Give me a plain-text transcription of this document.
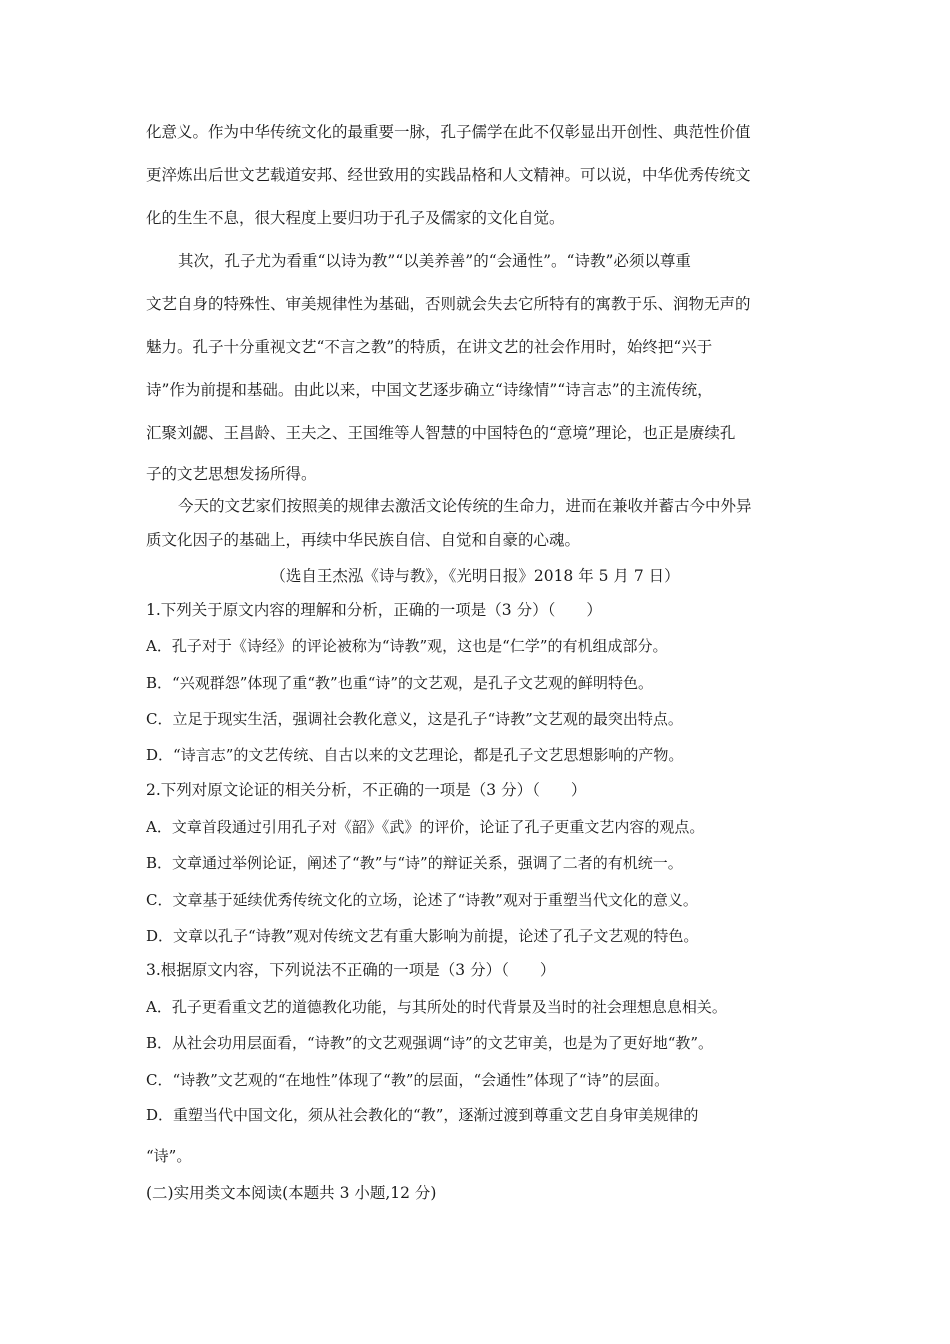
化意义。作为中华传统文化的最重要一脉，孔子儒学在此不仅彰显出开创性、典范性价值
更淬炼出后世文艺载道安邦、经世致用的实践品格和人文精神。可以说，中华优秀传统文
化的生生不息，很大程度上要归功于孔子及儒家的文化自觉。
其次，孔子尤为看重“以诗为教”“以美养善”的“会通性”。“诗教”必须以尊重
文艺自身的特殊性、审美规律性为基础，否则就会失去它所特有的寓教于乐、润物无声的
魅力。孔子十分重视文艺“不言之教”的特质，在讲文艺的社会作用时，始终把“兴于
诗”作为前提和基础。由此以来，中国文艺逐步确立“诗缘情”“诗言志”的主流传统，
汇聚刘勰、王昌龄、王夫之、王国维等人智慧的中国特色的“意境”理论，也正是赓续孔
子的文艺思想发扬所得。
今天的文艺家们按照美的规律去激活文论传统的生命力，进而在兼收并蓄古今中外异
质文化因子的基础上，再续中华民族自信、自觉和自豪的心魂。
（选自王杰泓《诗与教》，《光明日报》2018 年 5 月 7 日）
1.下列关于原文内容的理解和分析，正确的一项是（3 分）（　　）
A．孔子对于《诗经》的评论被称为“诗教”观，这也是“仁学”的有机组成部分。
B．“兴观群怨”体现了重“教”也重“诗”的文艺观，是孔子文艺观的鲜明特色。
C．立足于现实生活，强调社会教化意义，这是孔子“诗教”文艺观的最突出特点。
D．“诗言志”的文艺传统、自古以来的文艺理论，都是孔子文艺思想影响的产物。
2.下列对原文论证的相关分析，不正确的一项是（3 分）（　　）
A．文章首段通过引用孔子对《韶》《武》的评价，论证了孔子更重文艺内容的观点。
B．文章通过举例论证，阐述了“教”与“诗”的辩证关系，强调了二者的有机统一。
C．文章基于延续优秀传统文化的立场，论述了“诗教”观对于重塑当代文化的意义。
D．文章以孔子“诗教”观对传统文艺有重大影响为前提，论述了孔子文艺观的特色。
3.根据原文内容，下列说法不正确的一项是（3 分）（　　）
A．孔子更看重文艺的道德教化功能，与其所处的时代背景及当时的社会理想息息相关。
B．从社会功用层面看，“诗教”的文艺观强调“诗”的文艺审美，也是为了更好地“教”。
C．“诗教”文艺观的“在地性”体现了“教”的层面，“会通性”体现了“诗”的层面。
D．重塑当代中国文化，须从社会教化的“教”，逐渐过渡到尊重文艺自身审美规律的
“诗”。
(二)实用类文本阅读(本题共 3 小题,12 分)
